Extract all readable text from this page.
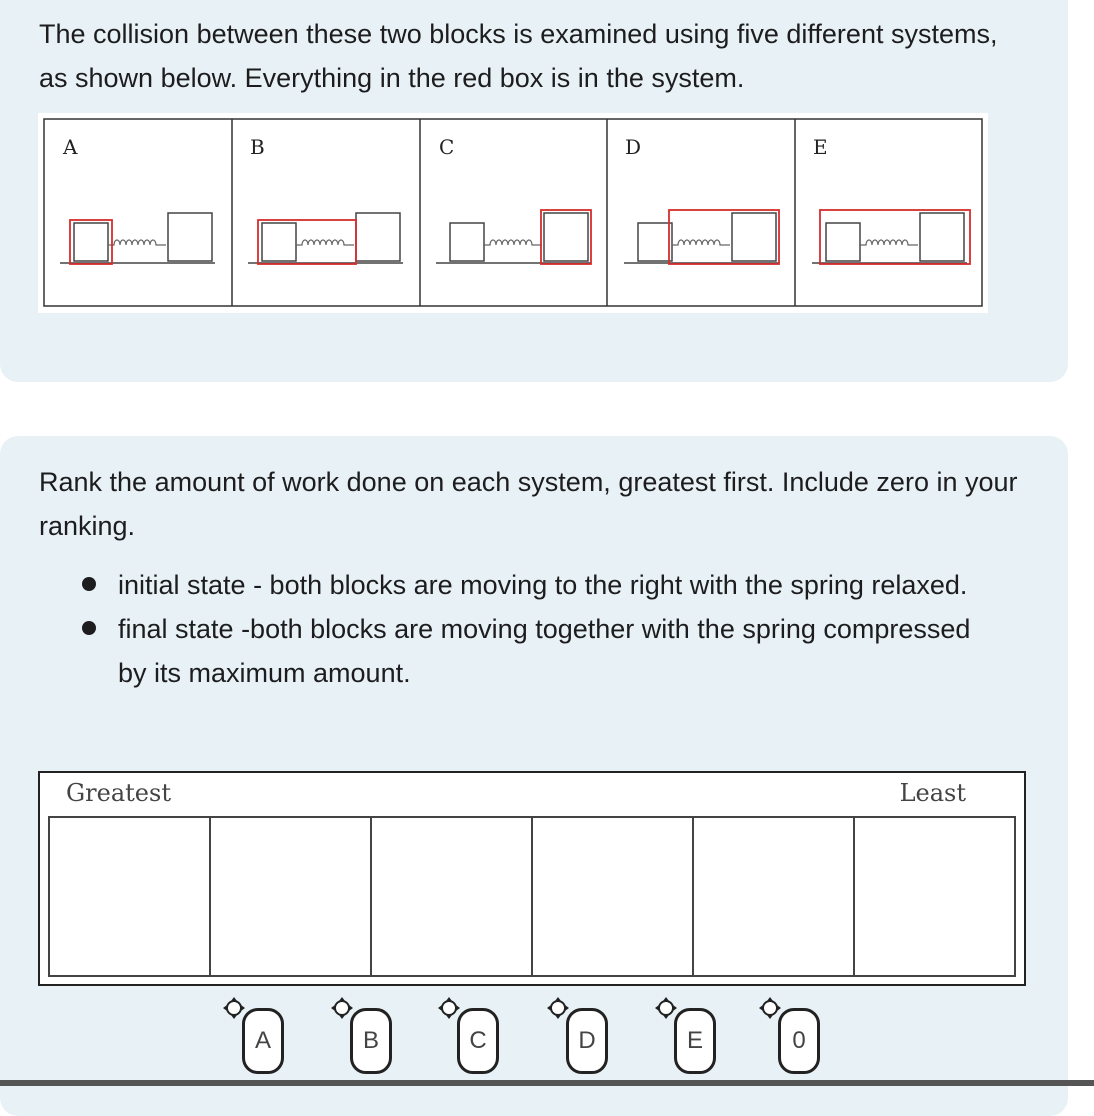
The collision between these two blocks is examined using five different systems, as shown below. Everything in the red box is in the system.

A	B	C	D	E

Rank the amount of work done on each system, greatest first. Include zero in your ranking.

initial state - both blocks are moving to the right with the spring relaxed.
final state -both blocks are moving together with the spring compressed by its maximum amount.
Greatest	Least
A	B	C	D	E	0
